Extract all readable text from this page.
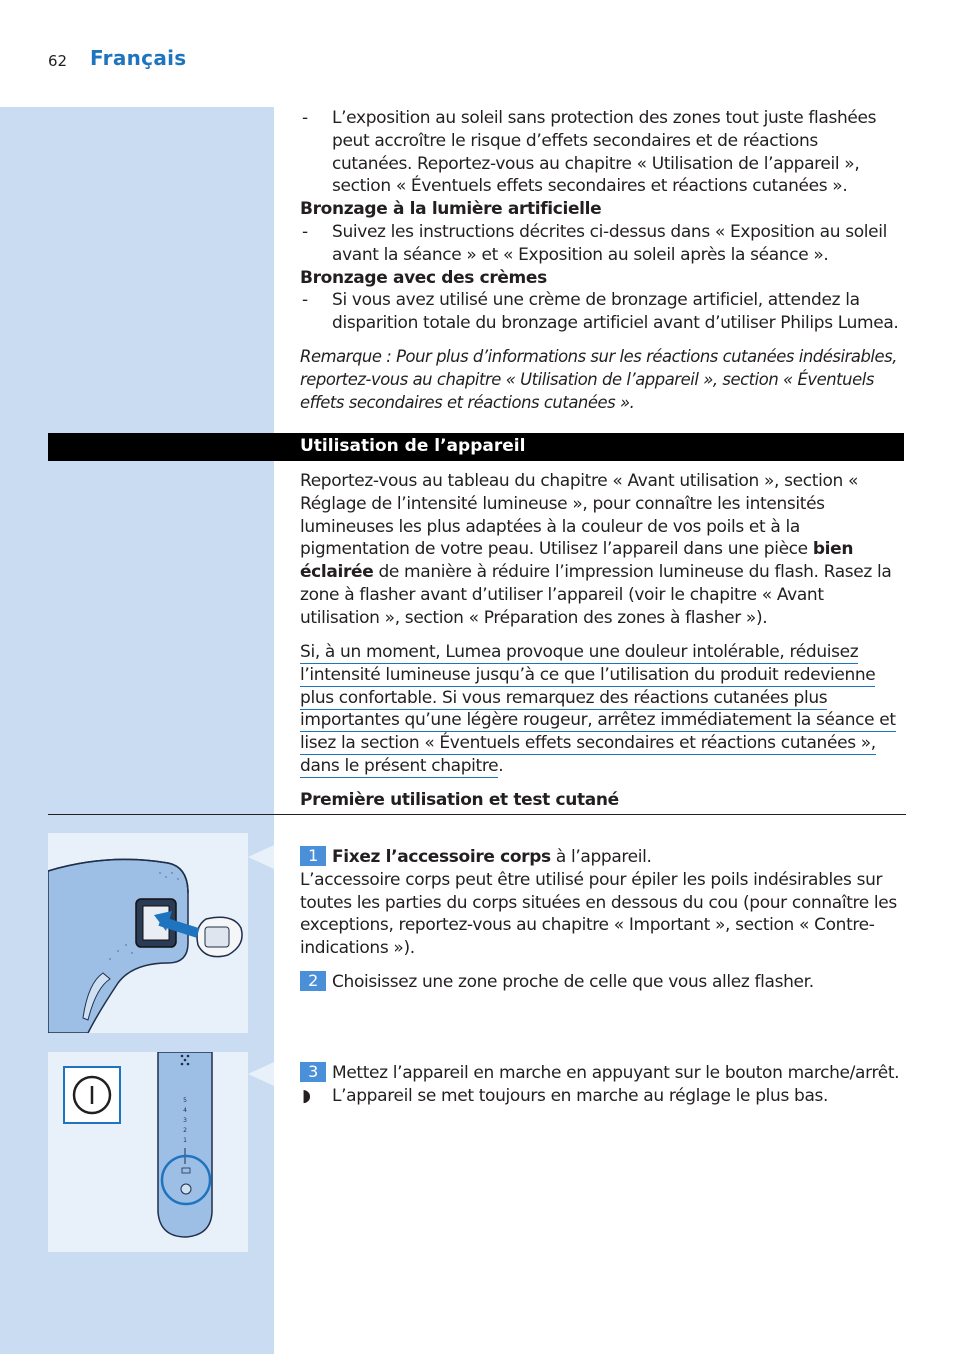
62 Français
- L’exposition au soleil sans protection des zones tout juste flashées peut accroître le risque d’effets secondaires et de réactions cutanées. Reportez-vous au chapitre « Utilisation de l’appareil », section « Éventuels effets secondaires et réactions cutanées ».
Bronzage à la lumière artificielle
- Suivez les instructions décrites ci-dessus dans « Exposition au soleil avant la séance » et « Exposition au soleil après la séance ».
Bronzage avec des crèmes
- Si vous avez utilisé une crème de bronzage artificiel, attendez la disparition totale du bronzage artificiel avant d’utiliser Philips Lumea.
Remarque : Pour plus d’informations sur les réactions cutanées indésirables, reportez-vous au chapitre « Utilisation de l’appareil », section « Éventuels effets secondaires et réactions cutanées ».
Utilisation de l’appareil
Reportez-vous au tableau du chapitre « Avant utilisation », section « Réglage de l’intensité lumineuse », pour connaître les intensités lumineuses les plus adaptées à la couleur de vos poils et à la pigmentation de votre peau. Utilisez l’appareil dans une pièce bien éclairée de manière à réduire l’impression lumineuse du flash. Rasez la zone à flasher avant d’utiliser l’appareil (voir le chapitre « Avant utilisation », section « Préparation des zones à flasher »).
Si, à un moment, Lumea provoque une douleur intolérable, réduisez
l’intensité lumineuse jusqu’à ce que l’utilisation du produit redevienne
plus confortable. Si vous remarquez des réactions cutanées plus
importantes qu’une légère rougeur, arrêtez immédiatement la séance et
lisez la section « Éventuels effets secondaires et réactions cutanées »,
dans le présent chapitre.
Première utilisation et test cutané
5
4
3
2
1
1 Fixez l’accessoire corps à l’appareil.
L’accessoire corps peut être utilisé pour épiler les poils indésirables sur toutes les parties du corps situées en dessous du cou (pour connaître les exceptions, reportez-vous au chapitre « Important », section « Contre-indications »).
2 Choisissez une zone proche de celle que vous allez flasher.
3 Mettez l’appareil en marche en appuyant sur le bouton marche/arrêt.
◗ L’appareil se met toujours en marche au réglage le plus bas.
